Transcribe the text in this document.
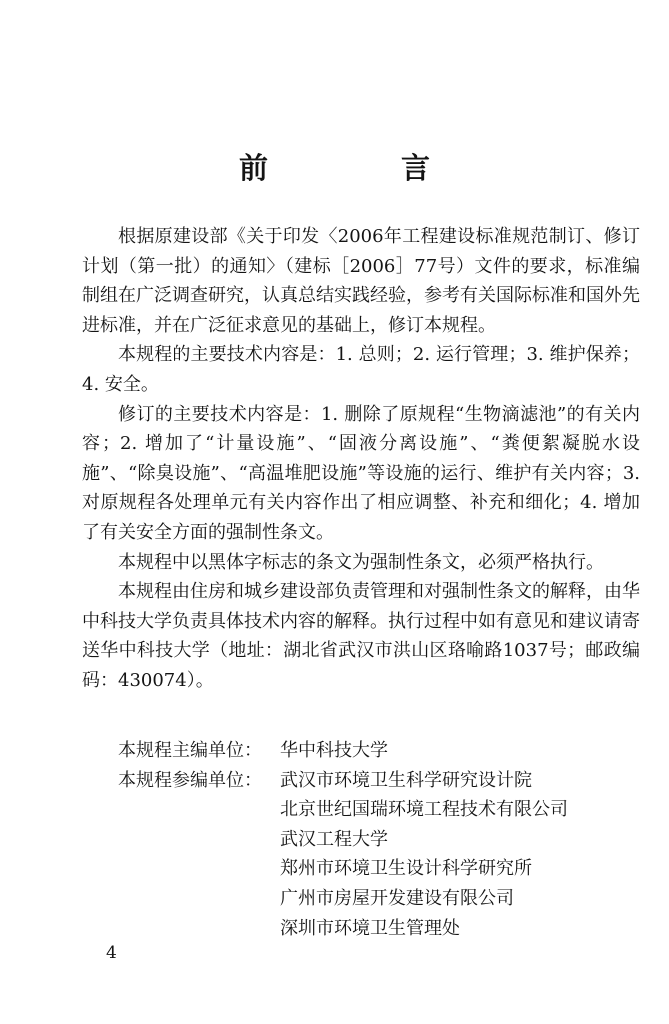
前　言

根据原建设部《关于印发〈2006年工程建设标准规范制订、修订计划（第一批）的通知〉（建标［2006］77号）文件的要求，标准编制组在广泛调查研究，认真总结实践经验，参考有关国际标准和国外先进标准，并在广泛征求意见的基础上，修订本规程。

本规程的主要技术内容是：1. 总则；2. 运行管理；3. 维护保养；4. 安全。

修订的主要技术内容是：1. 删除了原规程“生物滴滤池”的有关内容；2. 增加了“计量设施”、“固液分离设施”、“粪便絮凝脱水设施”、“除臭设施”、“高温堆肥设施”等设施的运行、维护有关内容；3. 对原规程各处理单元有关内容作出了相应调整、补充和细化；4. 增加了有关安全方面的强制性条文。

本规程中以黑体字标志的条文为强制性条文，必须严格执行。

本规程由住房和城乡建设部负责管理和对强制性条文的解释，由华中科技大学负责具体技术内容的解释。执行过程中如有意见和建议请寄送华中科技大学（地址：湖北省武汉市洪山区珞喻路1037号；邮政编码：430074）。

本规程主编单位：	华中科技大学
本规程参编单位：	武汉市环境卫生科学研究设计院
北京世纪国瑞环境工程技术有限公司
武汉工程大学
郑州市环境卫生设计科学研究所
广州市房屋开发建设有限公司
深圳市环境卫生管理处
4
